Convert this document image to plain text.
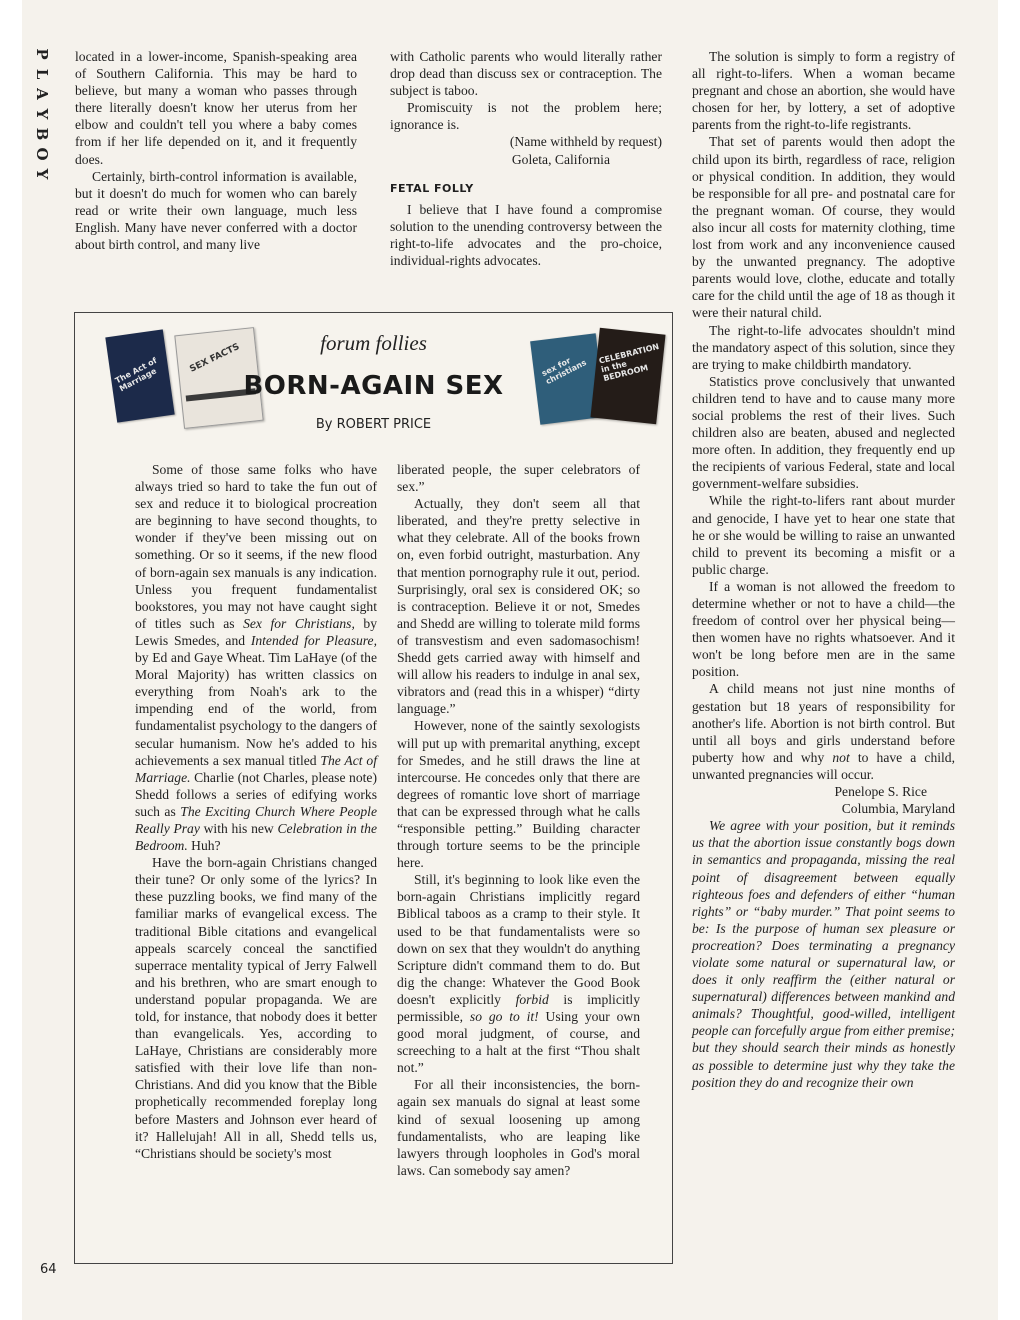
P
L
A
Y
B
O
Y

located in a lower-income, Spanish-speaking area of Southern California. This may be hard to believe, but many a woman who passes through there literally doesn't know her uterus from her elbow and couldn't tell you where a baby comes from if her life depended on it, and it frequently does.

Certainly, birth-control information is available, but it doesn't do much for women who can barely read or write their own language, much less English. Many have never conferred with a doctor about birth control, and many live

with Catholic parents who would literally rather drop dead than discuss sex or contraception. The subject is taboo.

Promiscuity is not the problem here; ignorance is.

(Name withheld by request)

Goleta, California

FETAL FOLLY

I believe that I have found a compromise solution to the unending controversy between the right-to-life advocates and the pro-choice, individual-rights advocates.

The solution is simply to form a registry of all right-to-lifers. When a woman became pregnant and chose an abortion, she would have chosen for her, by lottery, a set of adoptive parents from the right-to-life registrants.

That set of parents would then adopt the child upon its birth, regardless of race, religion or physical condition. In addition, they would be responsible for all pre- and postnatal care for the pregnant woman. Of course, they would also incur all costs for maternity clothing, time lost from work and any inconvenience caused by the unwanted pregnancy. The adoptive parents would love, clothe, educate and totally care for the child until the age of 18 as though it were their natural child.

The right-to-life advocates shouldn't mind the mandatory aspect of this solution, since they are trying to make childbirth mandatory.

Statistics prove conclusively that unwanted children tend to have and to cause many more social problems the rest of their lives. Such children also are beaten, abused and neglected more often. In addition, they frequently end up the recipients of various Federal, state and local government-welfare subsidies.

While the right-to-lifers rant about murder and genocide, I have yet to hear one state that he or she would be willing to raise an unwanted child to prevent its becoming a misfit or a public charge.

If a woman is not allowed the freedom to determine whether or not to have a child—the freedom of control over her physical being—then women have no rights whatsoever. And it won't be long before men are in the same position.

A child means not just nine months of gestation but 18 years of responsibility for another's life. Abortion is not birth control. But until all boys and girls understand before puberty how and why not to have a child, unwanted pregnancies will occur.

Penelope S. Rice

Columbia, Maryland

We agree with your position, but it reminds us that the abortion issue constantly bogs down in semantics and propaganda, missing the real point of disagreement between equally righteous foes and defenders of either “human rights” or “baby murder.” That point seems to be: Is the purpose of human sex pleasure or procreation? Does terminating a pregnancy violate some natural or supernatural law, or does it only reaffirm the (either natural or supernatural) differences between mankind and animals? Thoughtful, good-willed, intelligent people can forcefully argue from either premise; but they should search their minds as honestly as possible to determine just why they take the position they do and recognize their own

The Act of Marriage
SEX FACTS	forum follies
BORN-AGAIN SEX
By ROBERT PRICE
sex for christians
CELEBRATION in the BEDROOM

Some of those same folks who have always tried so hard to take the fun out of sex and reduce it to biological procreation are beginning to have second thoughts, to wonder if they've been missing out on something. Or so it seems, if the new flood of born-again sex manuals is any indication. Unless you frequent fundamentalist bookstores, you may not have caught sight of titles such as Sex for Christians, by Lewis Smedes, and Intended for Pleasure, by Ed and Gaye Wheat. Tim LaHaye (of the Moral Majority) has written classics on everything from Noah's ark to the impending end of the world, from fundamentalist psychology to the dangers of secular humanism. Now he's added to his achievements a sex manual titled The Act of Marriage. Charlie (not Charles, please note) Shedd follows a series of edifying works such as The Exciting Church Where People Really Pray with his new Celebration in the Bedroom. Huh?

Have the born-again Christians changed their tune? Or only some of the lyrics? In these puzzling books, we find many of the familiar marks of evangelical excess. The traditional Bible citations and evangelical appeals scarcely conceal the sanctified superrace mentality typical of Jerry Falwell and his brethren, who are smart enough to understand popular propaganda. We are told, for instance, that nobody does it better than evangelicals. Yes, according to LaHaye, Christians are considerably more satisfied with their love life than non-Christians. And did you know that the Bible prophetically recommended foreplay long before Masters and Johnson ever heard of it? Hallelujah! All in all, Shedd tells us, “Christians should be society's most

liberated people, the super celebrators of sex.”

Actually, they don't seem all that liberated, and they're pretty selective in what they celebrate. All of the books frown on, even forbid outright, masturbation. Any that mention pornography rule it out, period. Surprisingly, oral sex is considered OK; so is contraception. Believe it or not, Smedes and Shedd are willing to tolerate mild forms of transvestism and even sadomasochism! Shedd gets carried away with himself and will allow his readers to indulge in anal sex, vibrators and (read this in a whisper) “dirty language.”

However, none of the saintly sexologists will put up with premarital anything, except for Smedes, and he still draws the line at intercourse. He concedes only that there are degrees of romantic love short of marriage that can be expressed through what he calls “responsible petting.” Building character through torture seems to be the principle here.

Still, it's beginning to look like even the born-again Christians implicitly regard Biblical taboos as a cramp to their style. It used to be that fundamentalists were so down on sex that they wouldn't do anything Scripture didn't command them to do. But dig the change: Whatever the Good Book doesn't explicitly forbid is implicitly permissible, so go to it! Using your own good moral judgment, of course, and screeching to a halt at the first “Thou shalt not.”

For all their inconsistencies, the born-again sex manuals do signal at least some kind of sexual loosening up among fundamentalists, who are leaping like lawyers through loopholes in God's moral laws. Can somebody say amen?

64
